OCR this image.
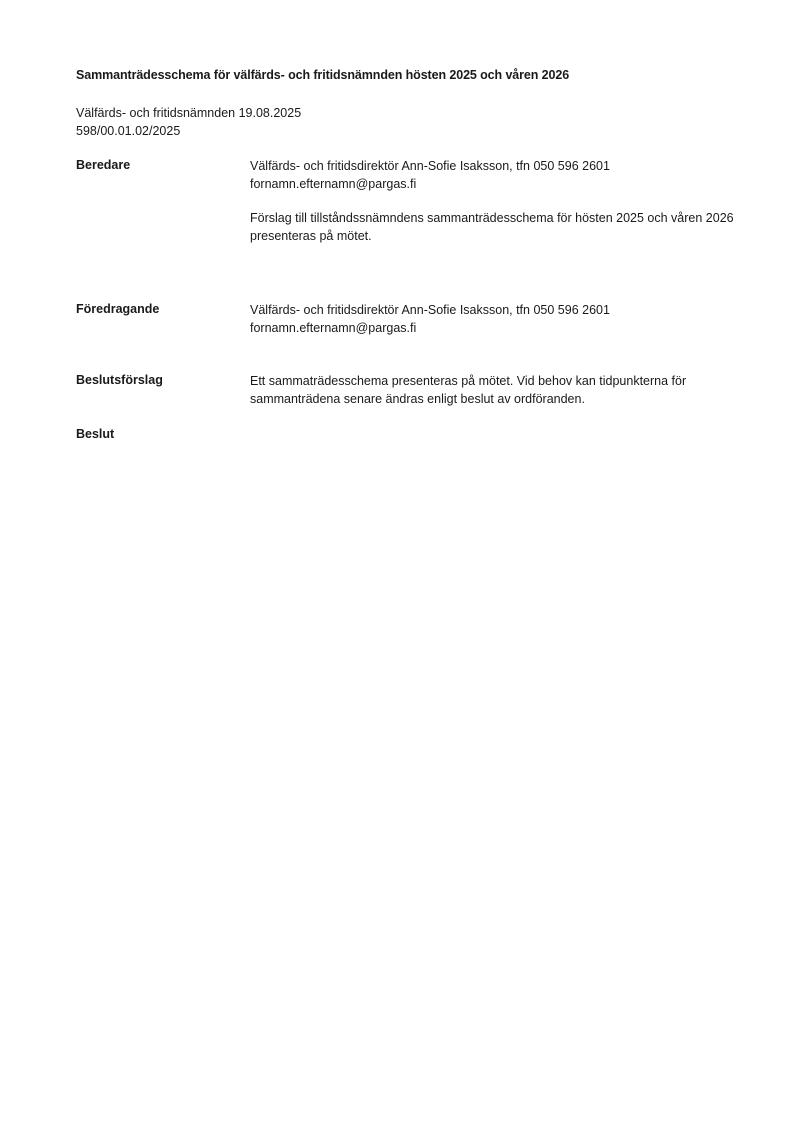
Sammanträdesschema för välfärds- och fritidsnämnden hösten 2025 och våren 2026
Välfärds- och fritidsnämnden 19.08.2025
598/00.01.02/2025
Beredare	Välfärds- och fritidsdirektör Ann-Sofie Isaksson, tfn 050 596 2601

fornamn.efternamn@pargas.fi

Förslag till tillståndssnämndens sammanträdesschema för hösten 2025 och våren 2026 presenteras på mötet.

Föredragande	Välfärds- och fritidsdirektör Ann-Sofie Isaksson, tfn 050 596 2601

fornamn.efternamn@pargas.fi

Beslutsförslag	Ett sammaträdesschema presenteras på mötet. Vid behov kan tidpunkterna för sammanträdena senare ändras enligt beslut av ordföranden.

Beslut
